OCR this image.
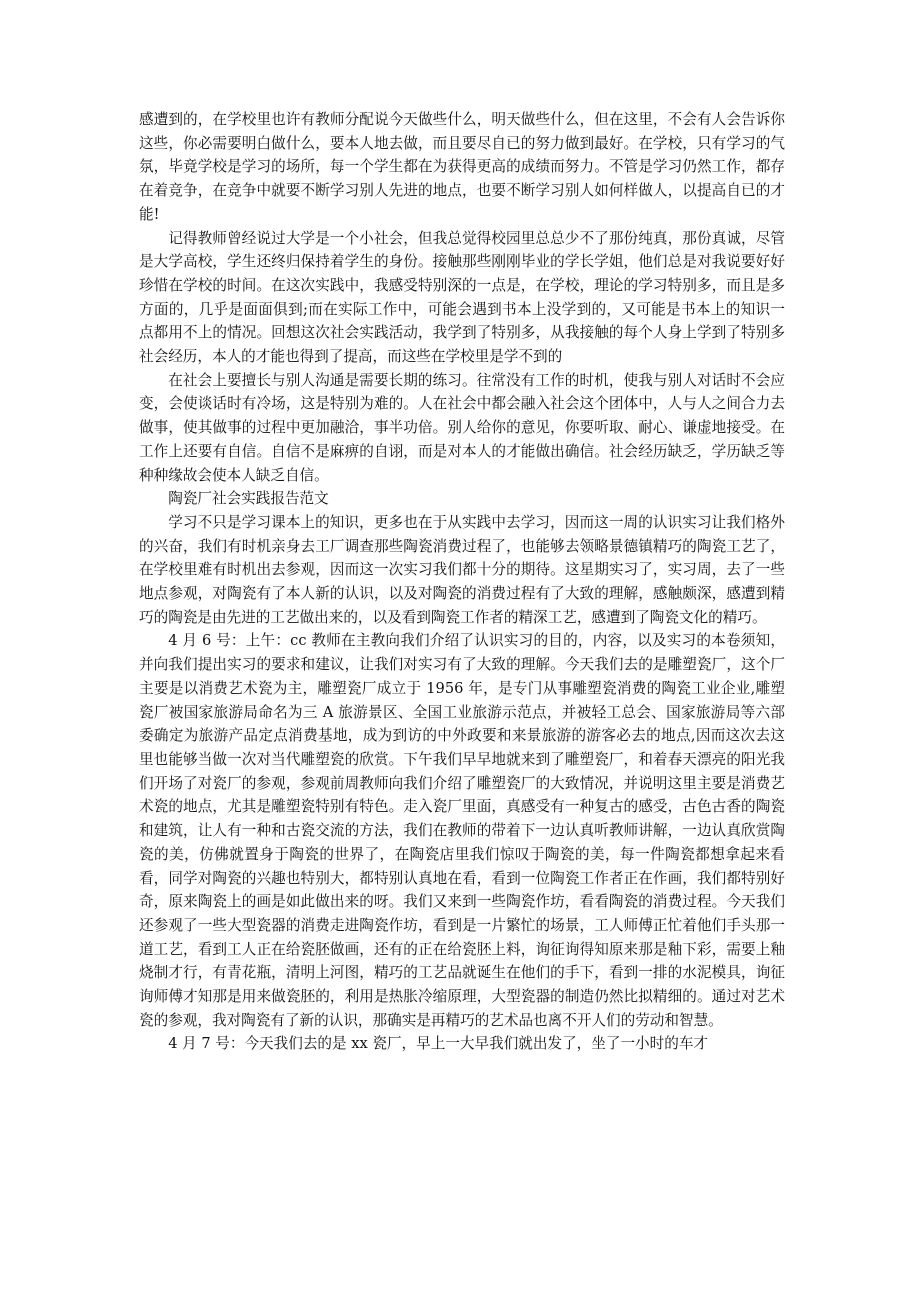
感遭到的，在学校里也许有教师分配说今天做些什么，明天做些什么，但在这里，不会有人会告诉你这些，你必需要明白做什么，要本人地去做，而且要尽自已的努力做到最好。在学校，只有学习的气氛，毕竟学校是学习的场所，每一个学生都在为获得更高的成绩而努力。不管是学习仍然工作，都存在着竞争，在竞争中就要不断学习别人先进的地点，也要不断学习别人如何样做人，以提高自已的才能!

记得教师曾经说过大学是一个小社会，但我总觉得校园里总总少不了那份纯真，那份真诚，尽管是大学高校，学生还终归保持着学生的身份。接触那些刚刚毕业的学长学姐，他们总是对我说要好好珍惜在学校的时间。在这次实践中，我感受特别深的一点是，在学校，理论的学习特别多，而且是多方面的，几乎是面面俱到;而在实际工作中，可能会遇到书本上没学到的，又可能是书本上的知识一点都用不上的情况。回想这次社会实践活动，我学到了特别多，从我接触的每个人身上学到了特别多社会经历，本人的才能也得到了提高，而这些在学校里是学不到的

在社会上要擅长与别人沟通是需要长期的练习。往常没有工作的时机，使我与别人对话时不会应变，会使谈话时有冷场，这是特别为难的。人在社会中都会融入社会这个团体中，人与人之间合力去做事，使其做事的过程中更加融洽，事半功倍。别人给你的意见，你要听取、耐心、谦虚地接受。在工作上还要有自信。自信不是麻痹的自诩，而是对本人的才能做出确信。社会经历缺乏，学历缺乏等种种缘故会使本人缺乏自信。

陶瓷厂社会实践报告范文

学习不只是学习课本上的知识，更多也在于从实践中去学习，因而这一周的认识实习让我们格外的兴奋，我们有时机亲身去工厂调查那些陶瓷消费过程了，也能够去领略景德镇精巧的陶瓷工艺了，在学校里难有时机出去参观，因而这一次实习我们都十分的期待。这星期实习了，实习周，去了一些地点参观，对陶瓷有了本人新的认识，以及对陶瓷的消费过程有了大致的理解，感触颇深，感遭到精巧的陶瓷是由先进的工艺做出来的，以及看到陶瓷工作者的精深工艺，感遭到了陶瓷文化的精巧。

4 月 6 号：上午：cc 教师在主教向我们介绍了认识实习的目的，内容，以及实习的本卷须知，并向我们提出实习的要求和建议，让我们对实习有了大致的理解。今天我们去的是雕塑瓷厂，这个厂主要是以消费艺术瓷为主，雕塑瓷厂成立于 1956 年，是专门从事雕塑瓷消费的陶瓷工业企业,雕塑瓷厂被国家旅游局命名为三 A 旅游景区、全国工业旅游示范点，并被轻工总会、国家旅游局等六部委确定为旅游产品定点消费基地，成为到访的中外政要和来景旅游的游客必去的地点,因而这次去这里也能够当做一次对当代雕塑瓷的欣赏。下午我们早早地就来到了雕塑瓷厂，和着春天漂亮的阳光我们开场了对瓷厂的参观，参观前周教师向我们介绍了雕塑瓷厂的大致情况，并说明这里主要是消费艺术瓷的地点，尤其是雕塑瓷特别有特色。走入瓷厂里面，真感受有一种复古的感受，古色古香的陶瓷和建筑，让人有一种和古瓷交流的方法，我们在教师的带着下一边认真听教师讲解，一边认真欣赏陶瓷的美，仿佛就置身于陶瓷的世界了，在陶瓷店里我们惊叹于陶瓷的美，每一件陶瓷都想拿起来看看，同学对陶瓷的兴趣也特别大，都特别认真地在看，看到一位陶瓷工作者正在作画，我们都特别好奇，原来陶瓷上的画是如此做出来的呀。我们又来到一些陶瓷作坊，看看陶瓷的消费过程。今天我们还参观了一些大型瓷器的消费走进陶瓷作坊，看到是一片繁忙的场景，工人师傅正忙着他们手头那一道工艺，看到工人正在给瓷胚做画，还有的正在给瓷胚上料，询征询得知原来那是釉下彩，需要上釉烧制才行，有青花瓶，清明上河图，精巧的工艺品就诞生在他们的手下，看到一排的水泥模具，询征询师傅才知那是用来做瓷胚的，利用是热胀冷缩原理，大型瓷器的制造仍然比拟精细的。通过对艺术瓷的参观，我对陶瓷有了新的认识，那确实是再精巧的艺术品也离不开人们的劳动和智慧。

4 月 7 号：今天我们去的是 xx 瓷厂，早上一大早我们就出发了，坐了一小时的车才
